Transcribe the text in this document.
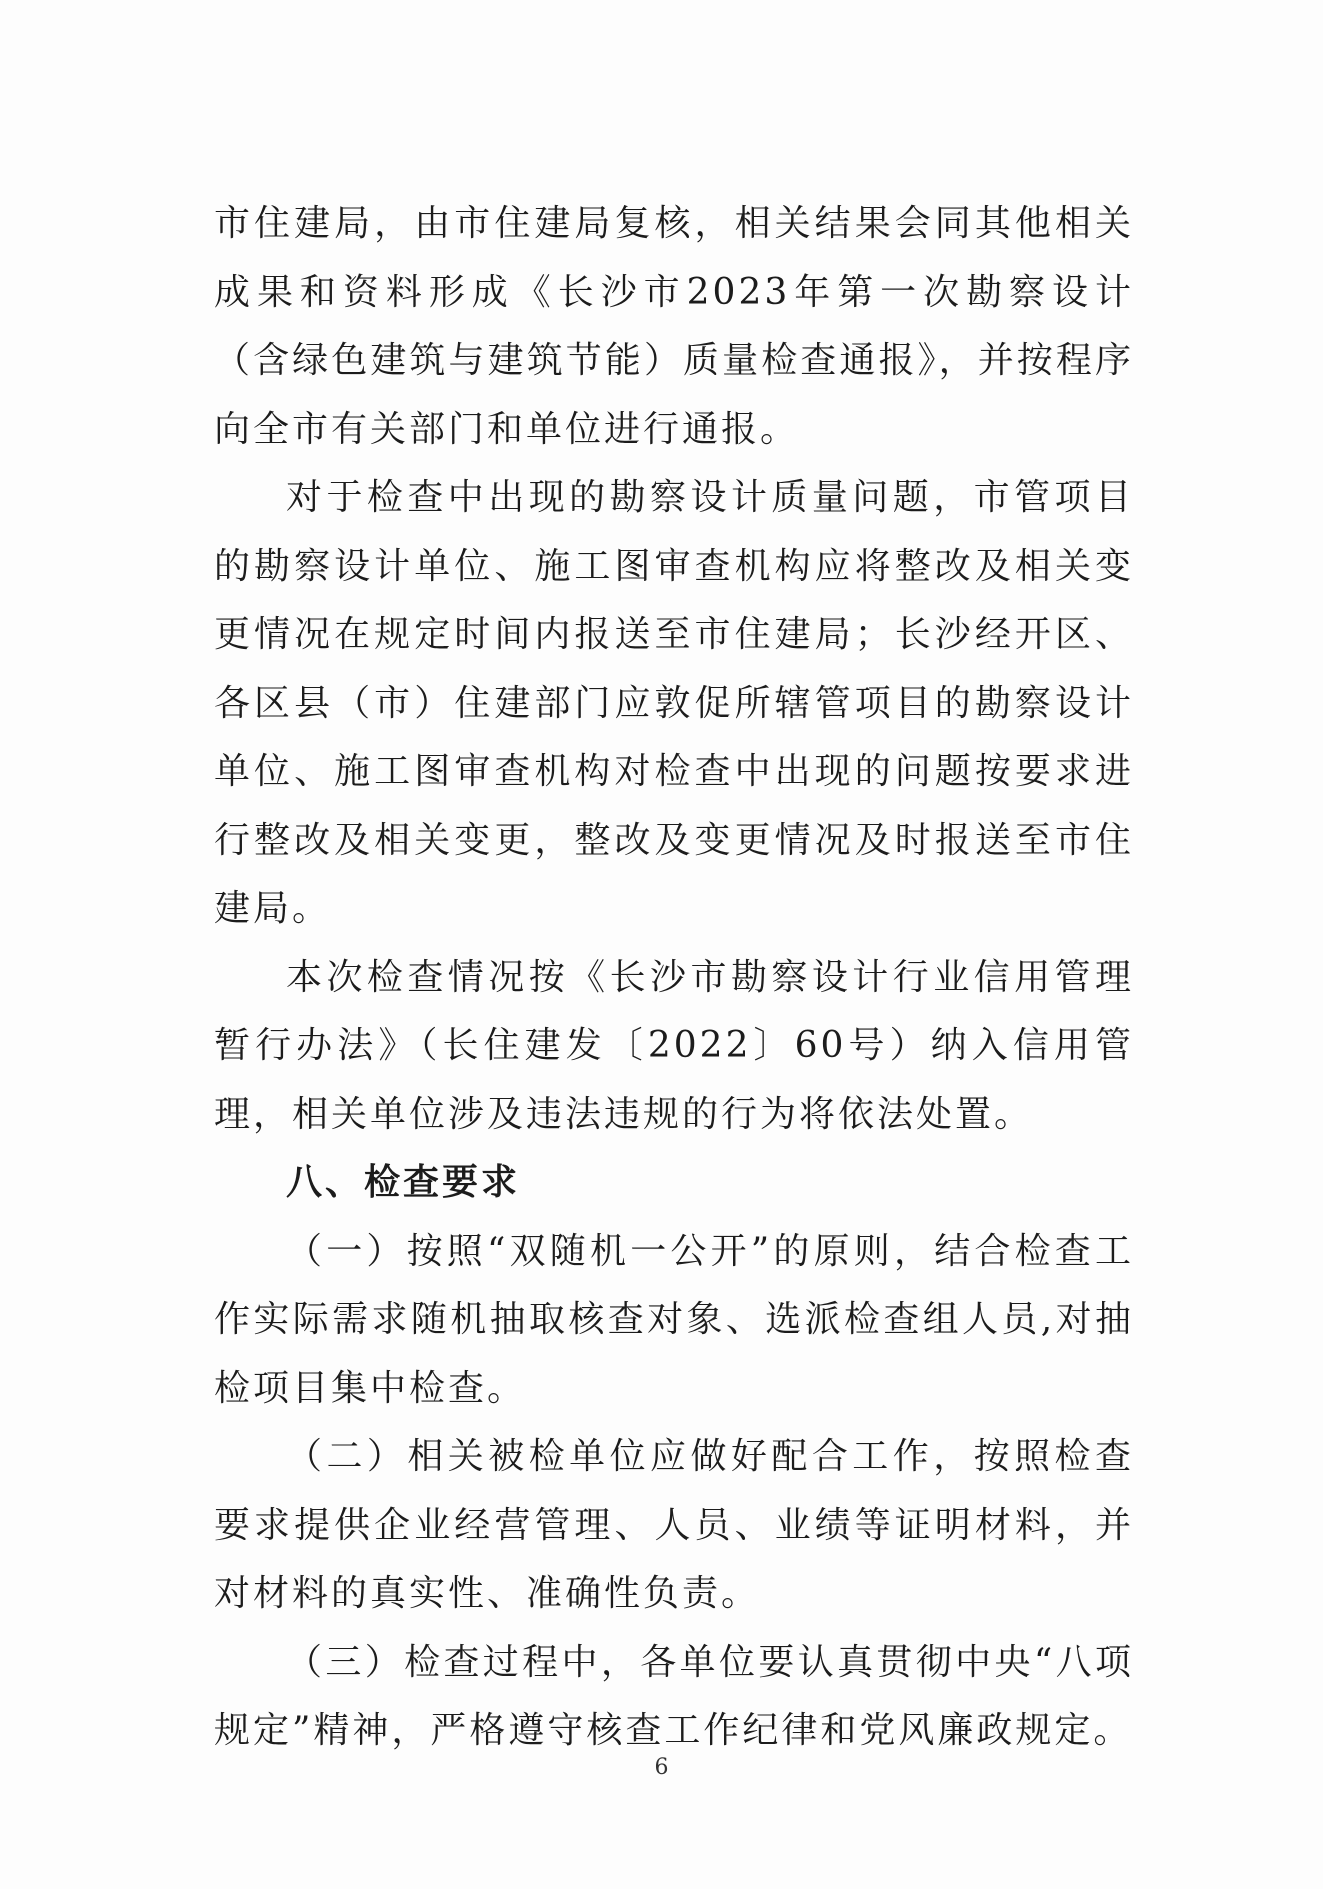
市住建局，由市住建局复核，相关结果会同其他相关成果和资料形成《长沙市2023年第一次勘察设计（含绿色建筑与建筑节能）质量检查通报》，并按程序向全市有关部门和单位进行通报。

对于检查中出现的勘察设计质量问题，市管项目的勘察设计单位、施工图审查机构应将整改及相关变更情况在规定时间内报送至市住建局；长沙经开区、各区县（市）住建部门应敦促所辖管项目的勘察设计单位、施工图审查机构对检查中出现的问题按要求进行整改及相关变更，整改及变更情况及时报送至市住建局。

本次检查情况按《长沙市勘察设计行业信用管理暂行办法》（长住建发〔2022〕60号）纳入信用管理，相关单位涉及违法违规的行为将依法处置。

八、检查要求

（一）按照“双随机一公开”的原则，结合检查工作实际需求随机抽取核查对象、选派检查组人员,对抽检项目集中检查。

（二）相关被检单位应做好配合工作，按照检查要求提供企业经营管理、人员、业绩等证明材料，并对材料的真实性、准确性负责。

（三）检查过程中，各单位要认真贯彻中央“八项规定”精神，严格遵守核查工作纪律和党风廉政规定。

6
